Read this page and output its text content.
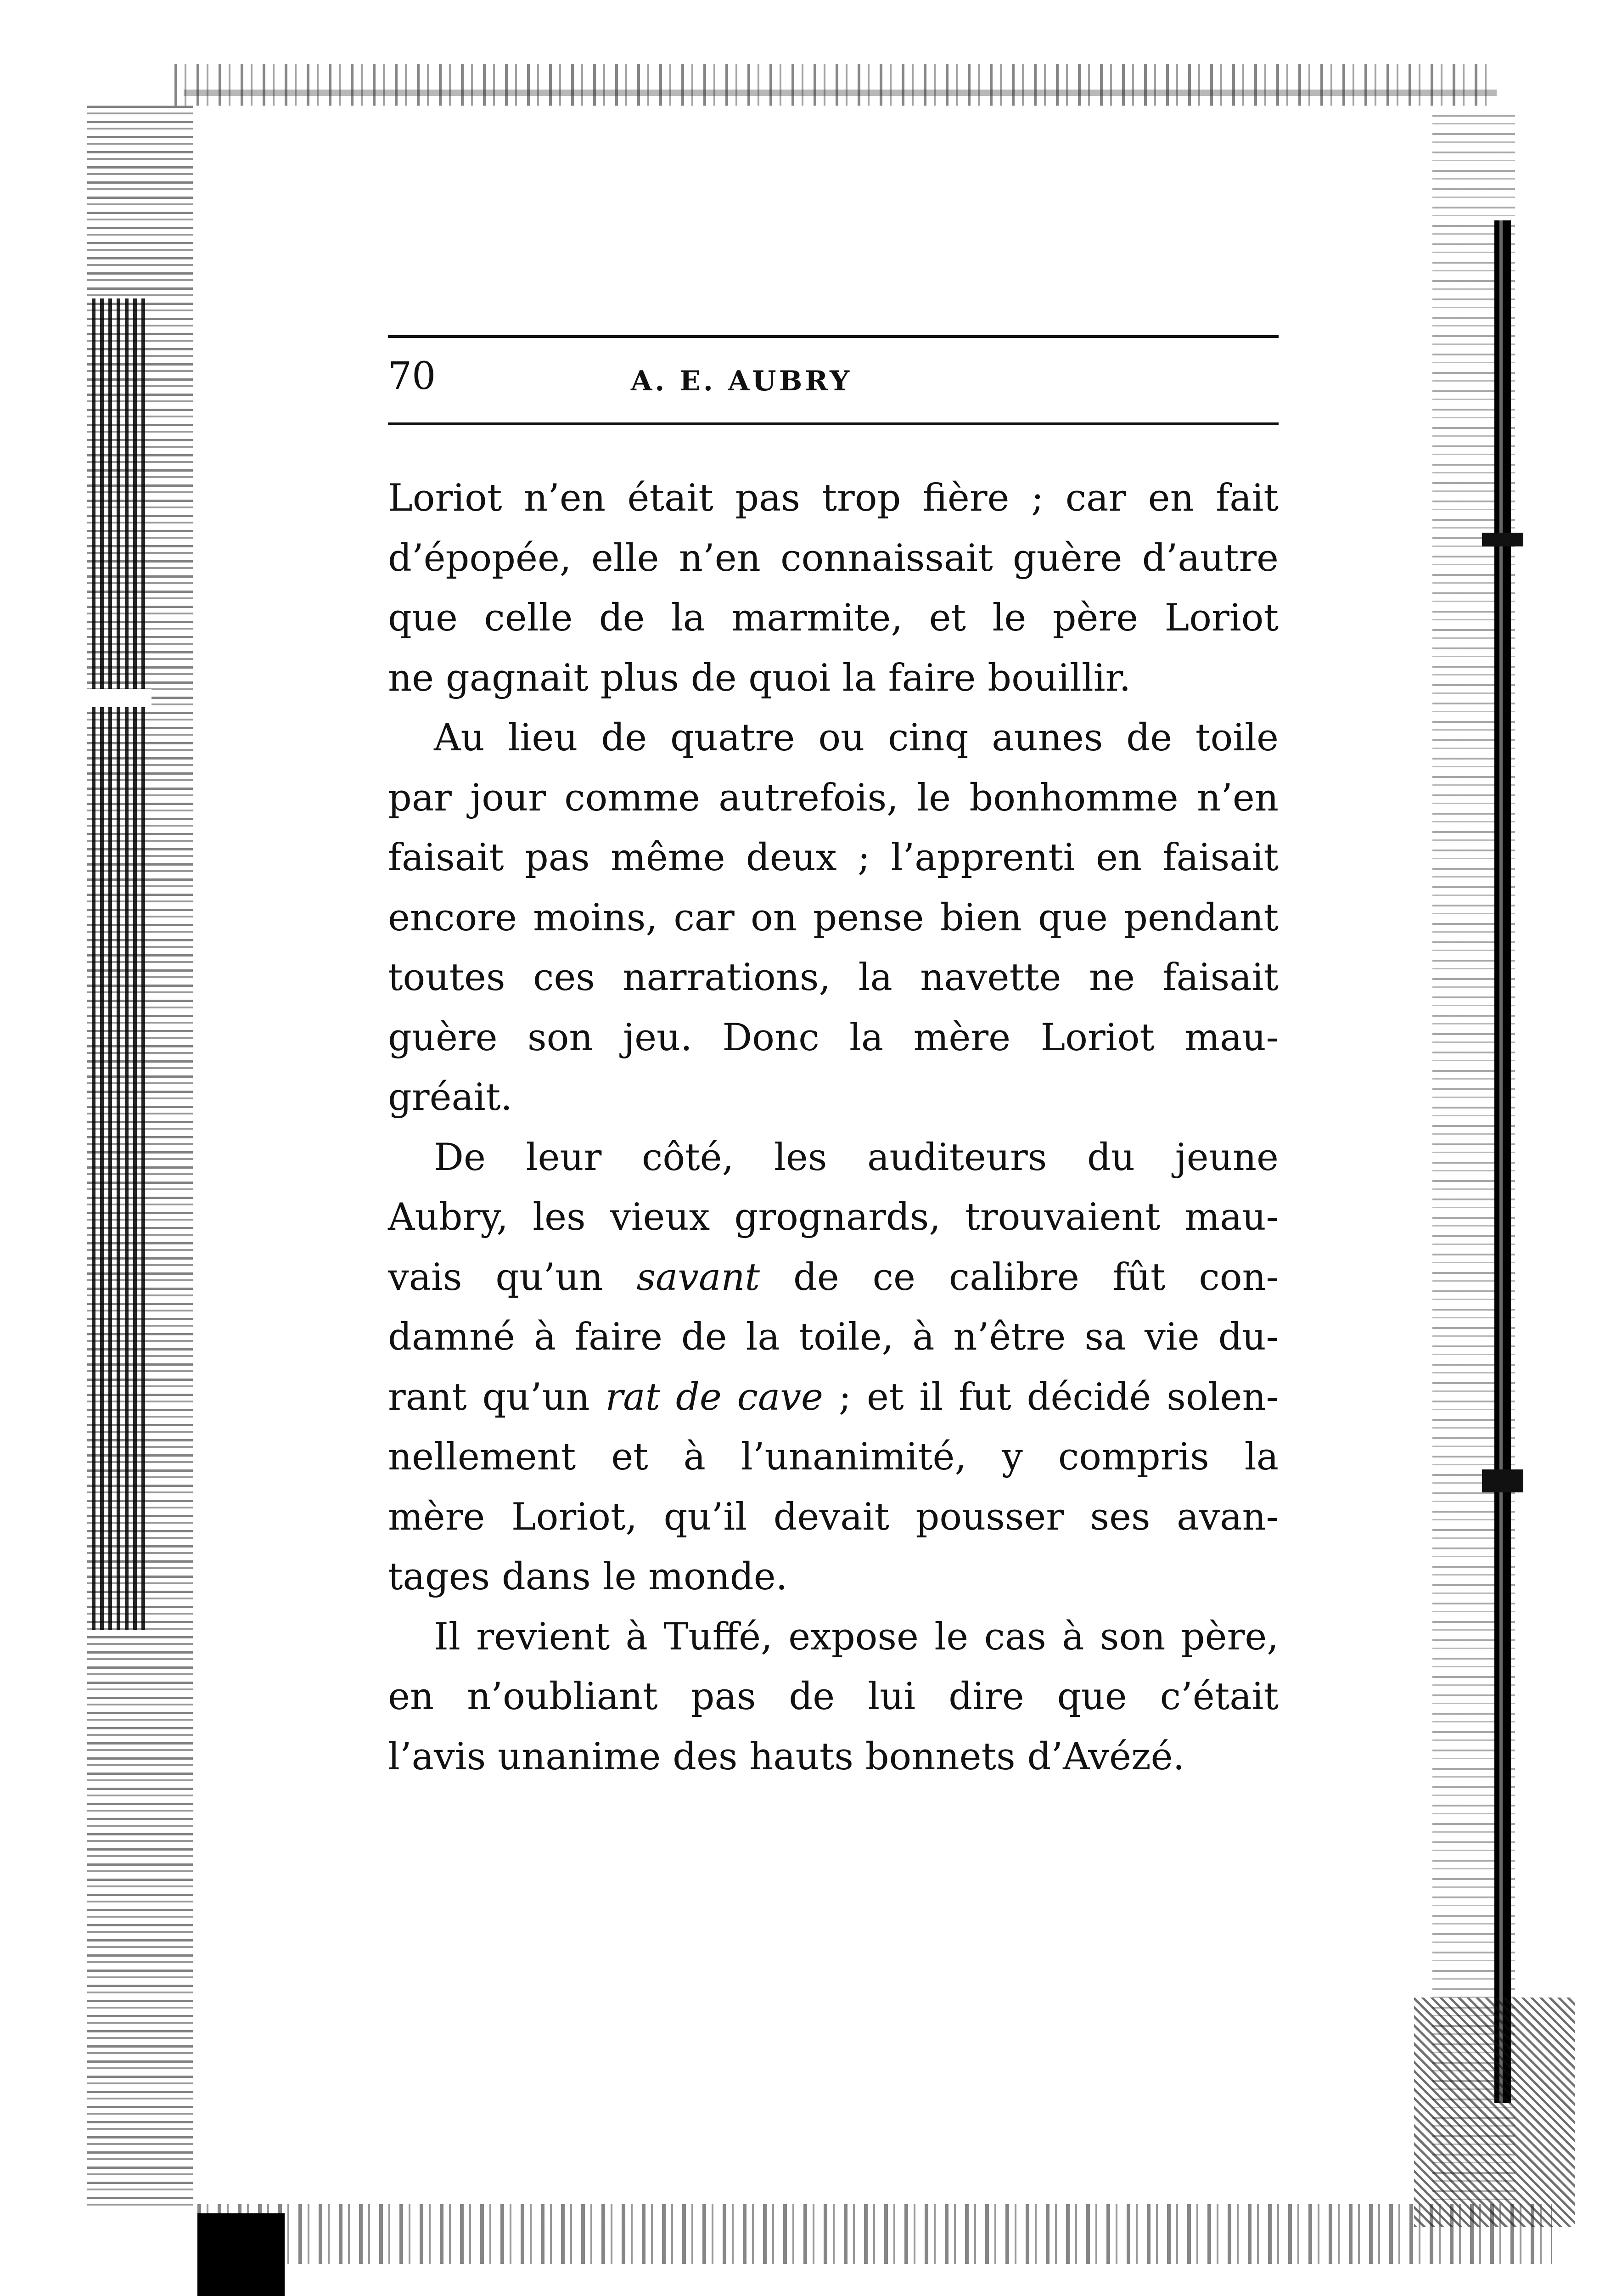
70	A. E. AUBRY

Loriot n’en était pas trop fière ; car en fait
d’épopée, elle n’en connaissait guère d’autre
que celle de la marmite, et le père Loriot
ne gagnait plus de quoi la faire bouillir.

Au lieu de quatre ou cinq aunes de toile
par jour comme autrefois, le bonhomme n’en
faisait pas même deux ; l’apprenti en faisait
encore moins, car on pense bien que pendant
toutes ces narrations, la navette ne faisait
guère son jeu. Donc la mère Loriot mau-
gréait.

De leur côté, les auditeurs du jeune
Aubry, les vieux grognards, trouvaient mau-
vais qu’un savant de ce calibre fût con-
damné à faire de la toile, à n’être sa vie du-
rant qu’un rat de cave ; et il fut décidé solen-
nellement et à l’unanimité, y compris la
mère Loriot, qu’il devait pousser ses avan-
tages dans le monde.

Il revient à Tuffé, expose le cas à son père,
en n’oubliant pas de lui dire que c’était
l’avis unanime des hauts bonnets d’Avézé.
